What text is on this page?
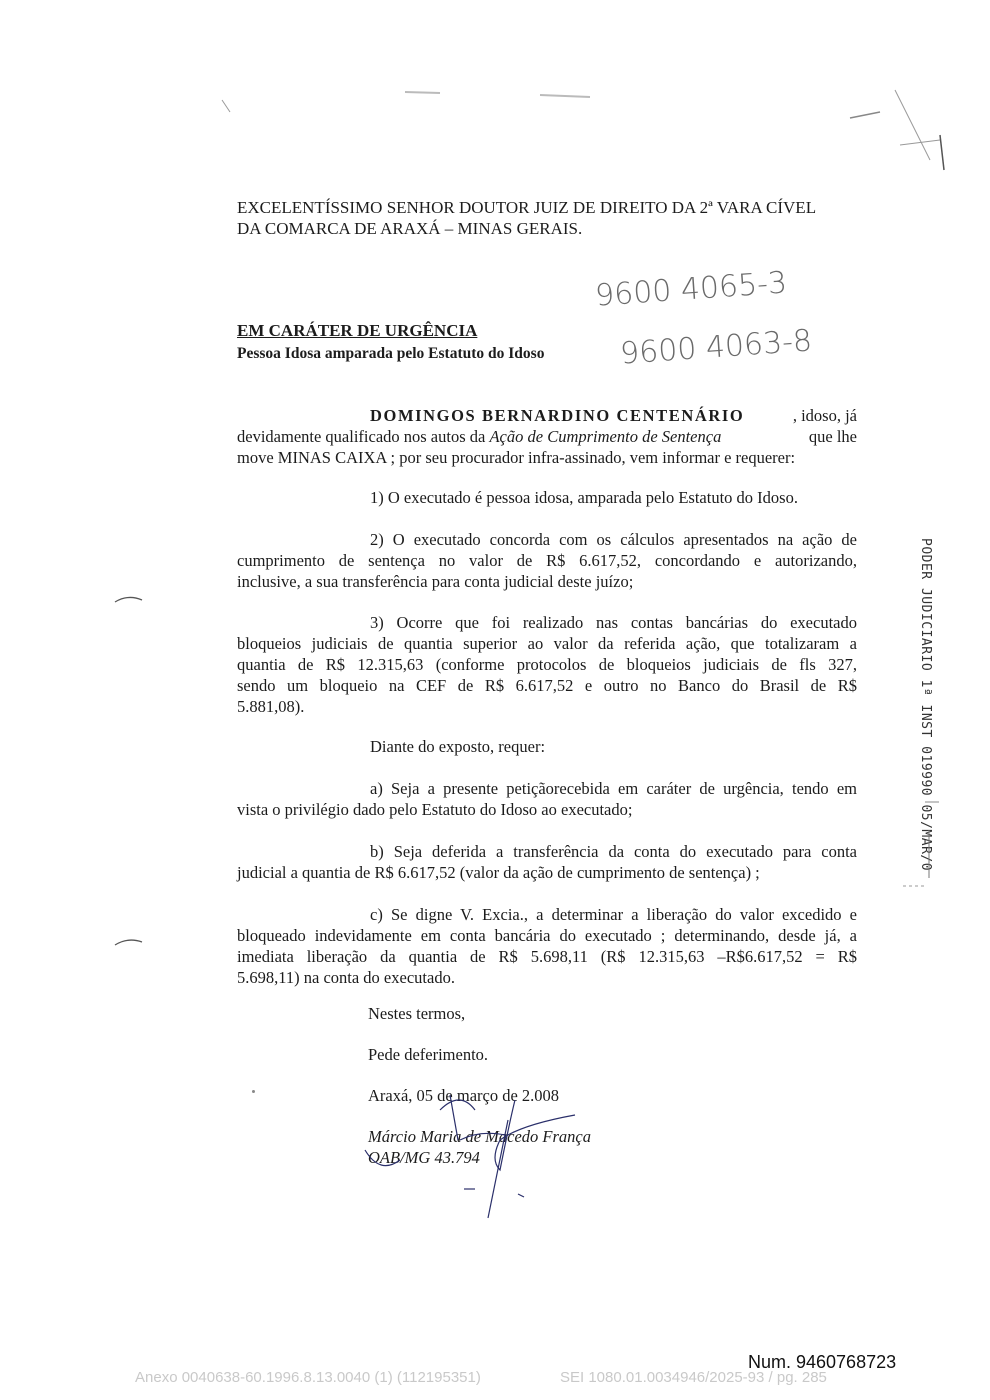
EXCELENTÍSSIMO SENHOR DOUTOR JUIZ DE DIREITO DA 2ª VARA CÍVEL
DA COMARCA DE ARAXÁ – MINAS GERAIS.
9600 4065-3
9600 4063-8
EM CARÁTER DE URGÊNCIA
Pessoa Idosa amparada pelo Estatuto do Idoso
DOMINGOS BERNARDINO CENTENÁRIO	, idoso, já
devidamente qualificado nos autos da Ação de Cumprimento de Sentença	que lhe
move MINAS CAIXA ; por seu procurador infra-assinado, vem informar e requerer:
1) O executado é pessoa idosa, amparada pelo Estatuto do Idoso.
2) O executado concorda com os cálculos apresentados na ação de
cumprimento de sentença no valor de R$ 6.617,52, concordando e autorizando,
inclusive, a sua transferência para conta judicial deste juízo;
3) Ocorre que foi realizado nas contas bancárias do executado
bloqueios judiciais de quantia superior ao valor da referida ação, que totalizaram a
quantia de R$ 12.315,63 (conforme protocolos de bloqueios judiciais de fls 327,
sendo um bloqueio na CEF de R$ 6.617,52 e outro no Banco do Brasil de R$
5.881,08).
Diante do exposto, requer:
a) Seja a presente petiçãorecebida em caráter de urgência, tendo em
vista o privilégio dado pelo Estatuto do Idoso ao executado;
b) Seja deferida a transferência da conta do executado para conta
judicial a quantia de R$ 6.617,52 (valor da ação de cumprimento de sentença) ;
c) Se digne V. Excia., a determinar a liberação do valor excedido e
bloqueado indevidamente em conta bancária do executado ; determinando, desde já, a
imediata liberação da quantia de R$ 5.698,11 (R$ 12.315,63 –R$6.617,52 = R$
5.698,11) na conta do executado.
Nestes termos,
Pede deferimento.
Araxá, 05 de março de 2.008
Márcio Maria de Macedo França
OAB/MG 43.794
PODER JUDICIARIO 1ª INST 019990 05/MAR/0
Num. 9460768723
Anexo 0040638-60.1996.8.13.0040 (1) (112195351)	SEI 1080.01.0034946/2025-93 / pg. 285
